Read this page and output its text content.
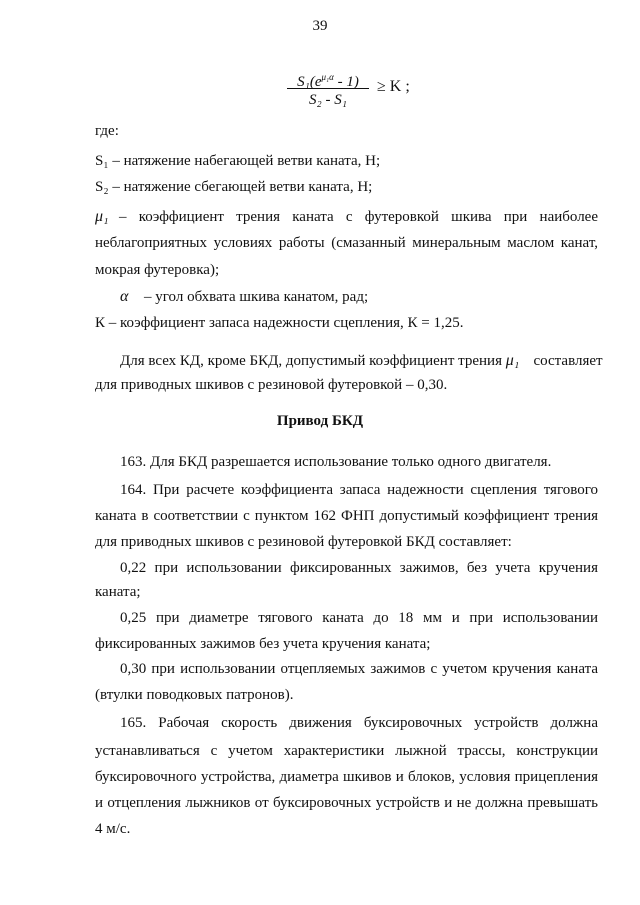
39
$S_1(e^{\mu_1\alpha} - 1)$
S₂ - S₁
≥ K ;
где:
S₁ – натяжение набегающей ветви каната, Н;
S₂ – натяжение сбегающей ветви каната, Н;
μ₁ – коэффициент трения каната с футеровкой шкива при наиболее
неблагоприятных условиях работы (смазанный минеральным маслом канат,
мокрая футеровка);
α – угол обхвата шкива канатом, рад;
К – коэффициент запаса надежности сцепления, К = 1,25.
Для всех КД, кроме БКД, допустимый коэффициент трения μ₁ составляет
для приводных шкивов с резиновой футеровкой – 0,30.
Привод БКД
163. Для БКД разрешается использование только одного двигателя.
164. При расчете коэффициента запаса надежности сцепления тягового
каната в соответствии с пунктом 162 ФНП допустимый коэффициент трения
для приводных шкивов с резиновой футеровкой БКД составляет:
0,22 при использовании фиксированных зажимов, без учета кручения
каната;
0,25 при диаметре тягового каната до 18 мм и при использовании
фиксированных зажимов без учета кручения каната;
0,30 при использовании отцепляемых зажимов с учетом кручения каната
(втулки поводковых патронов).
165. Рабочая скорость движения буксировочных устройств должна
устанавливаться с учетом характеристики лыжной трассы, конструкции
буксировочного устройства, диаметра шкивов и блоков, условия прицепления
и отцепления лыжников от буксировочных устройств и не должна превышать
4 м/с.
